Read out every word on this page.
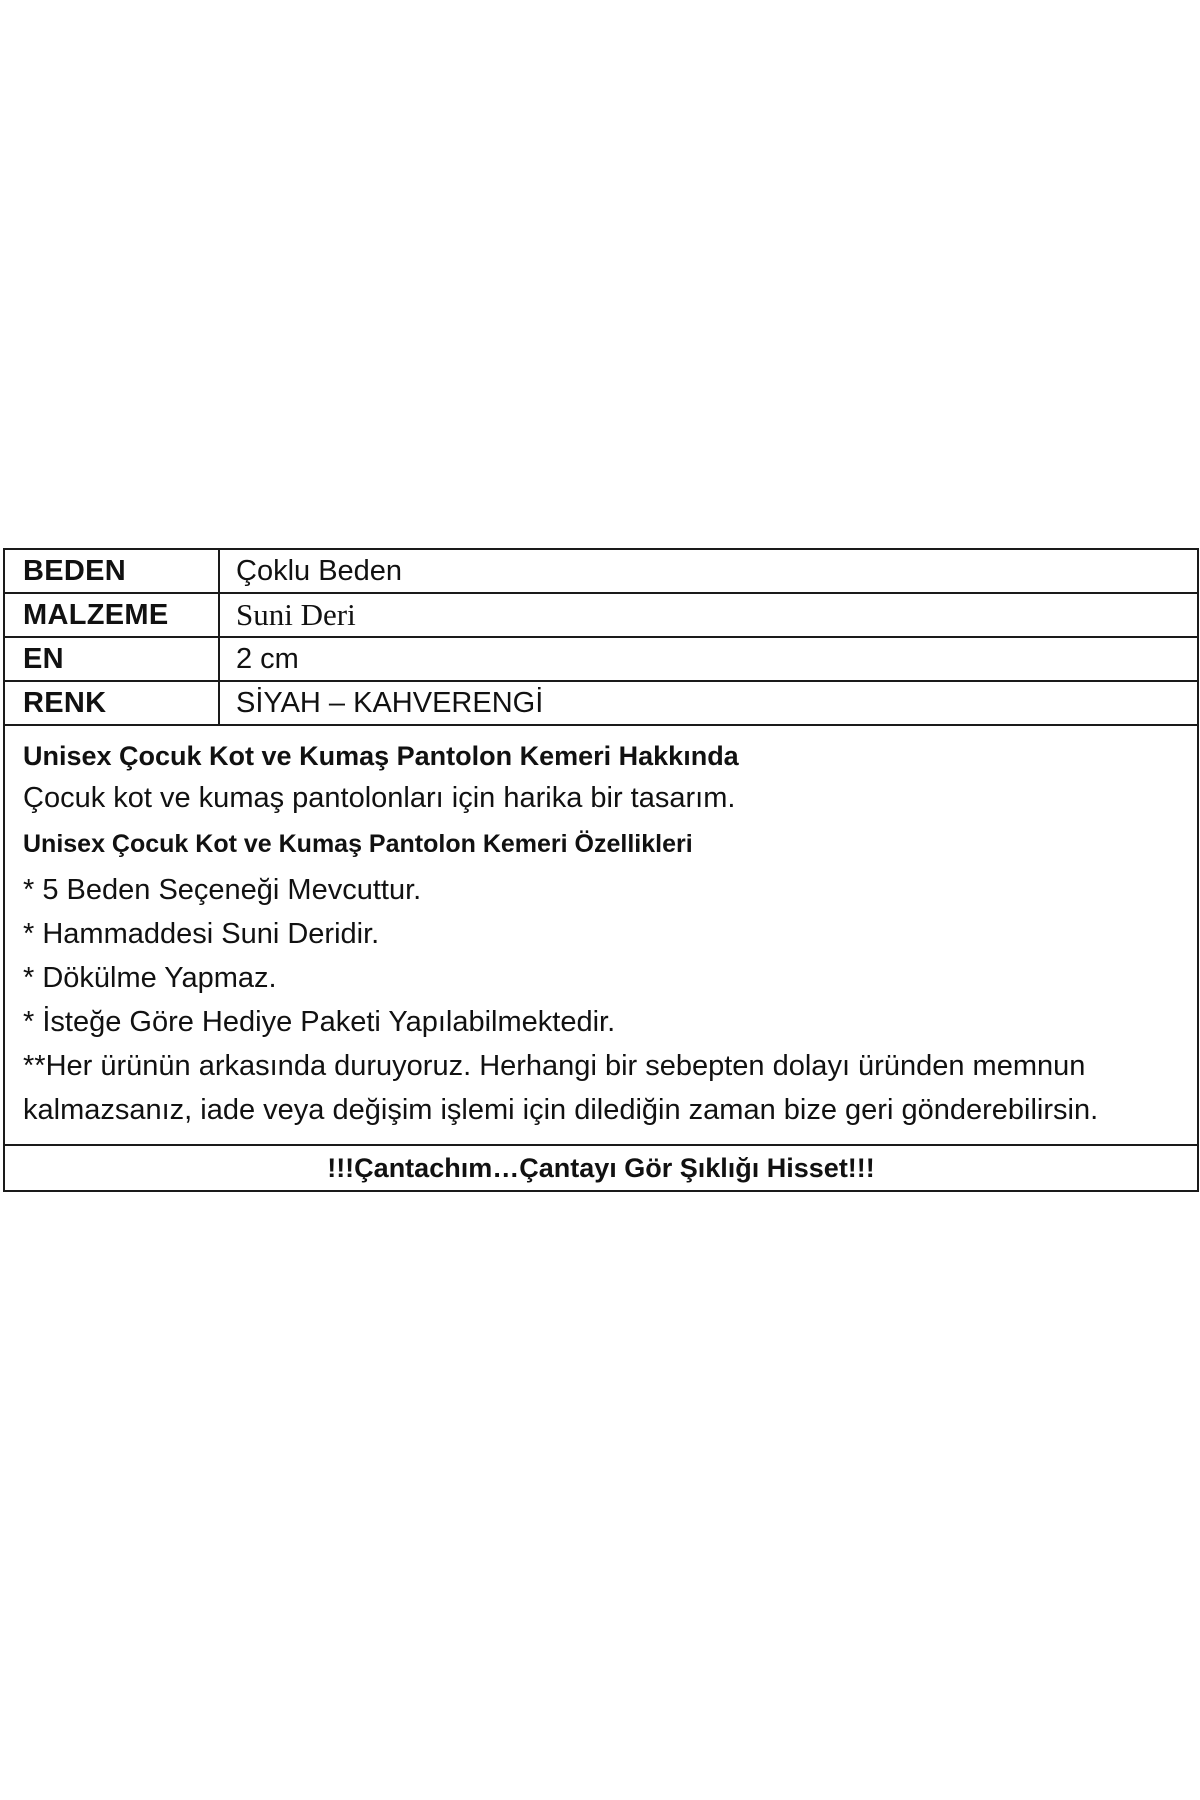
BEDEN	Çoklu Beden
MALZEME	Suni Deri
EN	2 cm
RENK	SİYAH – KAHVERENGİ
Unisex Çocuk Kot ve Kumaş Pantolon Kemeri Hakkında
Çocuk kot ve kumaş pantolonları için harika bir tasarım.
Unisex Çocuk Kot ve Kumaş Pantolon Kemeri Özellikleri
* 5 Beden Seçeneği Mevcuttur.
* Hammaddesi Suni Deridir.
* Dökülme Yapmaz.
* İsteğe Göre Hediye Paketi Yapılabilmektedir.
**Her ürünün arkasında duruyoruz. Herhangi bir sebepten dolayı üründen memnun kalmazsanız, iade veya değişim işlemi için dilediğin zaman bize geri gönderebilirsin.
!!!Çantachım…Çantayı Gör Şıklığı Hisset!!!
